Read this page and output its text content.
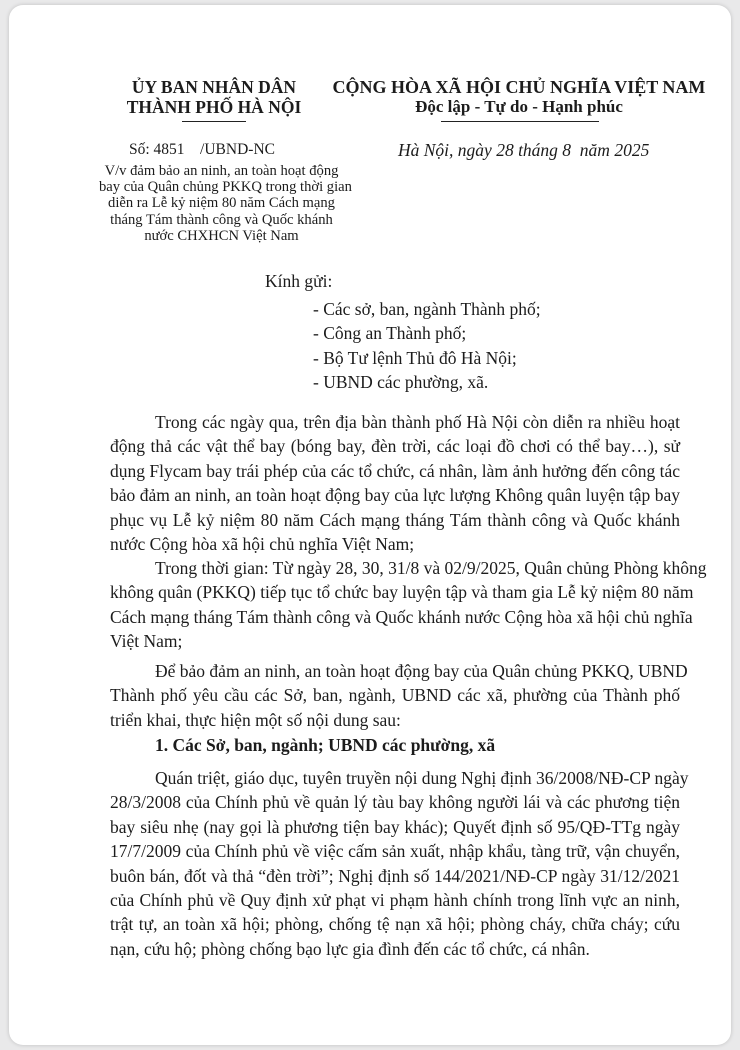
ỦY BAN NHÂN DÂN
THÀNH PHỐ HÀ NỘI
CỘNG HÒA XÃ HỘI CHỦ NGHĨA VIỆT NAM
Độc lập - Tự do - Hạnh phúc
Số: 4851    /UBND-NC
V/v đảm bảo an ninh, an toàn hoạt động
bay của Quân chủng PKKQ trong thời gian
diễn ra Lễ kỷ niệm 80 năm Cách mạng
tháng Tám thành công và Quốc khánh
nước CHXHCN Việt Nam
Hà Nội, ngày 28 tháng 8  năm 2025
Kính gửi:
- Các sở, ban, ngành Thành phố;
- Công an Thành phố;
- Bộ Tư lệnh Thủ đô Hà Nội;
- UBND các phường, xã.
Trong các ngày qua, trên địa bàn thành phố Hà Nội còn diễn ra nhiều hoạt
động thả các vật thể bay (bóng bay, đèn trời, các loại đồ chơi có thể bay…), sử
dụng Flycam bay trái phép của các tổ chức, cá nhân, làm ảnh hưởng đến công tác
bảo đảm an ninh, an toàn hoạt động bay của lực lượng Không quân luyện tập bay
phục vụ Lễ kỷ niệm 80 năm Cách mạng tháng Tám thành công và Quốc khánh
nước Cộng hòa xã hội chủ nghĩa Việt Nam;
Trong thời gian: Từ ngày 28, 30, 31/8 và 02/9/2025, Quân chủng Phòng không
không quân (PKKQ) tiếp tục tổ chức bay luyện tập và tham gia Lễ kỷ niệm 80 năm
Cách mạng tháng Tám thành công và Quốc khánh nước Cộng hòa xã hội chủ nghĩa
Việt Nam;
Để bảo đảm an ninh, an toàn hoạt động bay của Quân chủng PKKQ, UBND
Thành phố yêu cầu các Sở, ban, ngành, UBND các xã, phường của Thành phố
triển khai, thực hiện một số nội dung sau:
1. Các Sở, ban, ngành; UBND các phường, xã
Quán triệt, giáo dục, tuyên truyền nội dung Nghị định 36/2008/NĐ-CP ngày
28/3/2008 của Chính phủ về quản lý tàu bay không người lái và các phương tiện
bay siêu nhẹ (nay gọi là phương tiện bay khác); Quyết định số 95/QĐ-TTg ngày
17/7/2009 của Chính phủ về việc cấm sản xuất, nhập khẩu, tàng trữ, vận chuyển,
buôn bán, đốt và thả “đèn trời”; Nghị định số 144/2021/NĐ-CP ngày 31/12/2021
của Chính phủ về Quy định xử phạt vi phạm hành chính trong lĩnh vực an ninh,
trật tự, an toàn xã hội; phòng, chống tệ nạn xã hội; phòng cháy, chữa cháy; cứu
nạn, cứu hộ; phòng chống bạo lực gia đình đến các tổ chức, cá nhân.
